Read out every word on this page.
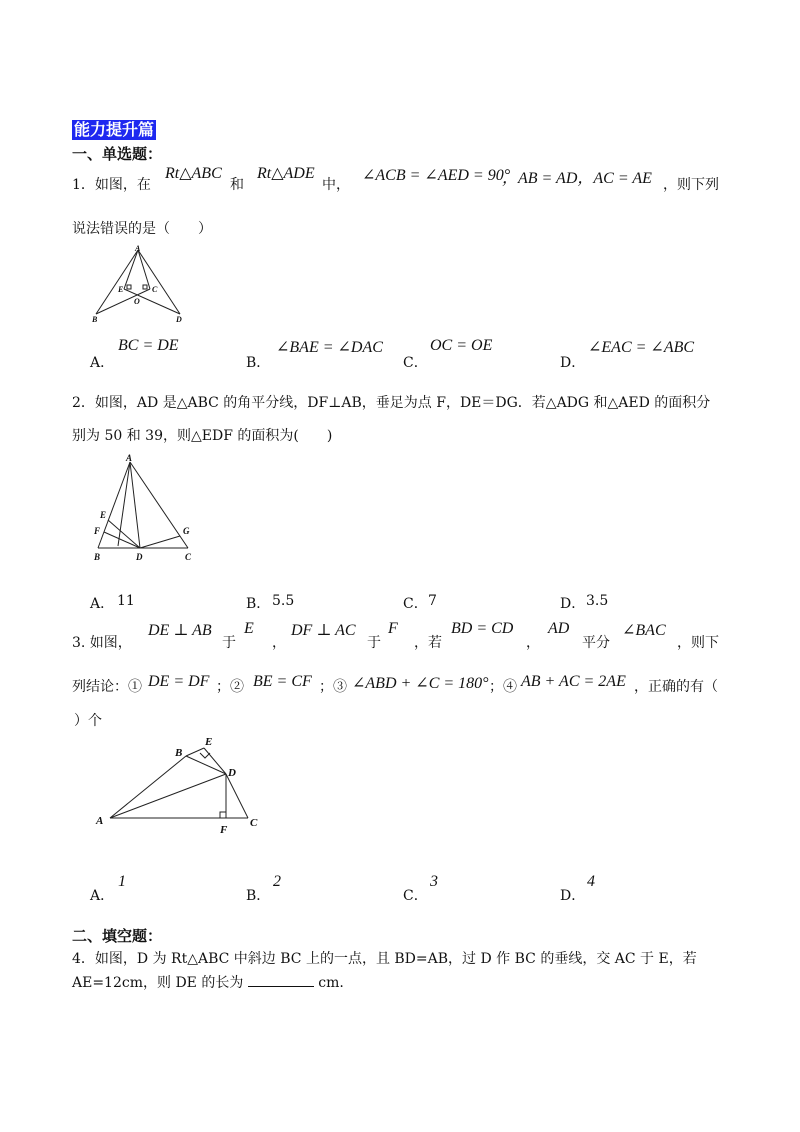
能力提升篇
一、单选题：
1．如图，在
Rt△ABC
和
Rt△ADE
中，
∠ACB = ∠AED = 90°
，AB = AD，AC = AE ，则下列
说法错误的是（　　）
A
E	C
O
B	D
A．
BC = DE
B．
∠BAE = ∠DAC
C．
OC = OE
D．
∠EAC = ∠ABC
2．如图，AD 是△ABC 的角平分线，DF⊥AB，垂足为点 F，DE＝DG．若△ADG 和△AED 的面积分
别为 50 和 39，则△EDF 的面积为(　　)
A
E
F	G
B	D	C
A． 11	B． 5.5	C． 7	D． 3.5
3. 如图，
DE ⊥ AB
于
E
，
DF ⊥ AC
于
F
，若
BD = CD
，
AD
平分
∠BAC
，则下
列结论：① DE = DF ；② BE = CF ；③ ∠ABD + ∠C = 180° ；④ AB + AC = 2AE ，正确的有（
）个
B
E
D
A
F
C
A．
1
B．
2
C．
3
D．
4
二、填空题：
4．如图，D 为 Rt△ABC 中斜边 BC 上的一点，且 BD=AB，过 D 作 BC 的垂线，交 AC 于 E，若
AE=12cm，则 DE 的长为	cm.
